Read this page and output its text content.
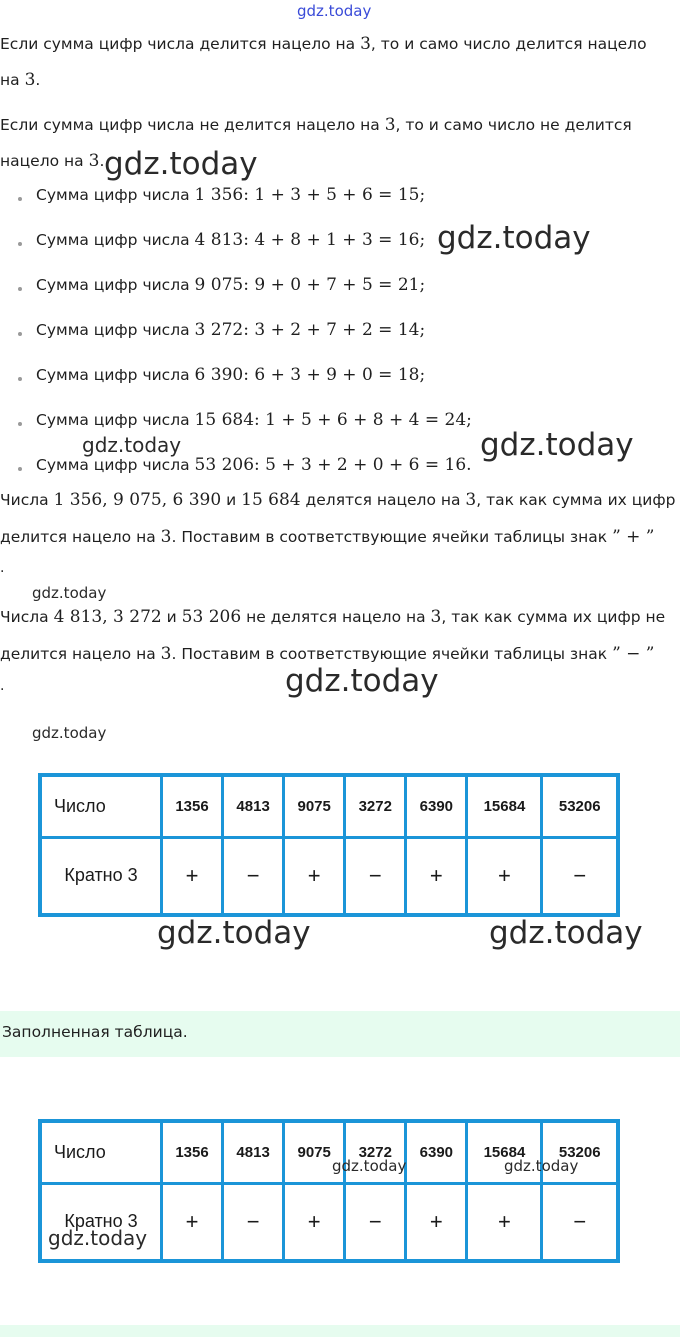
gdz.today
Если сумма цифр числа делится нацело на 3, то и само число делится нацело
на 3.
Если сумма цифр числа не делится нацело на 3, то и само число не делится
нацело на 3. gdz.today
Сумма цифр числа 1 356: 1 + 3 + 5 + 6 = 15;
Сумма цифр числа 4 813: 4 + 8 + 1 + 3 = 16;
Сумма цифр числа 9 075: 9 + 0 + 7 + 5 = 21;
Сумма цифр числа 3 272: 3 + 2 + 7 + 2 = 14;
Сумма цифр числа 6 390: 6 + 3 + 9 + 0 = 18;
Сумма цифр числа 15 684: 1 + 5 + 6 + 8 + 4 = 24;
Сумма цифр числа 53 206: 5 + 3 + 2 + 0 + 6 = 16.
gdz.today
gdz.today	gdz.today
Числа 1 356, 9 075, 6 390 и 15 684 делятся нацело на 3, так как сумма их цифр
делится нацело на 3. Поставим в соответствующие ячейки таблицы знак ” + ”
.
gdz.today
Числа 4 813, 3 272 и 53 206 не делятся нацело на 3, так как сумма их цифр не
делится нацело на 3. Поставим в соответствующие ячейки таблицы знак ” − ”
.	gdz.today
gdz.today
Число	1356	4813	9075	3272	6390	15684	53206
Кратно 3	+	−	+	−	+	+	−
gdz.today	gdz.today
Заполненная таблица.
Число	1356	4813	9075	3272	6390	15684	53206
Кратно 3	+	−	+	−	+	+	−
gdz.today	gdz.today
gdz.today
